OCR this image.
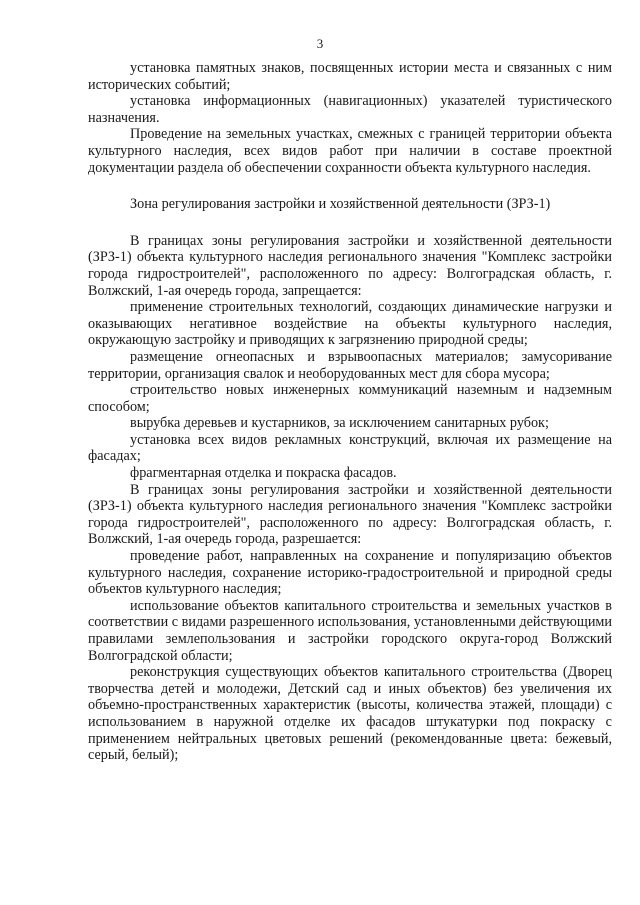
3

установка памятных знаков, посвященных истории места и связанных с ним исторических событий;

установка информационных (навигационных) указателей туристического назначения.

Проведение на земельных участках, смежных с границей территории объекта культурного наследия, всех видов работ при наличии в составе проектной документации раздела об обеспечении сохранности объекта культурного наследия.

Зона регулирования застройки и хозяйственной деятельности (ЗРЗ-1)

В границах зоны регулирования застройки и хозяйственной деятельности (ЗРЗ-1) объекта культурного наследия регионального значения "Комплекс застройки города гидростроителей", расположенного по адресу: Волгоградская область, г. Волжский, 1-ая очередь города, запрещается:

применение строительных технологий, создающих динамические нагрузки и оказывающих негативное воздействие на объекты культурного наследия, окружающую застройку и приводящих к загрязнению природной среды;

размещение огнеопасных и взрывоопасных материалов; замусоривание территории, организация свалок и необорудованных мест для сбора мусора;

строительство новых инженерных коммуникаций наземным и надземным способом;

вырубка деревьев и кустарников, за исключением санитарных рубок;

установка всех видов рекламных конструкций, включая их размещение на фасадах;

фрагментарная отделка и покраска фасадов.

В границах зоны регулирования застройки и хозяйственной деятельности (ЗРЗ-1) объекта культурного наследия регионального значения "Комплекс застройки города гидростроителей", расположенного по адресу: Волгоградская область, г. Волжский, 1-ая очередь города, разрешается:

проведение работ, направленных на сохранение и популяризацию объектов культурного наследия, сохранение историко-градостроительной и природной среды объектов культурного наследия;

использование объектов капитального строительства и земельных участков в соответствии с видами разрешенного использования, установленными действующими правилами землепользования и застройки городского округа-город Волжский Волгоградской области;

реконструкция существующих объектов капитального строительства (Дворец творчества детей и молодежи, Детский сад и иных объектов) без увеличения их объемно-пространственных характеристик (высоты, количества этажей, площади) с использованием в наружной отделке их фасадов штукатурки под покраску с применением нейтральных цветовых решений (рекомендованные цвета: бежевый, серый, белый);
